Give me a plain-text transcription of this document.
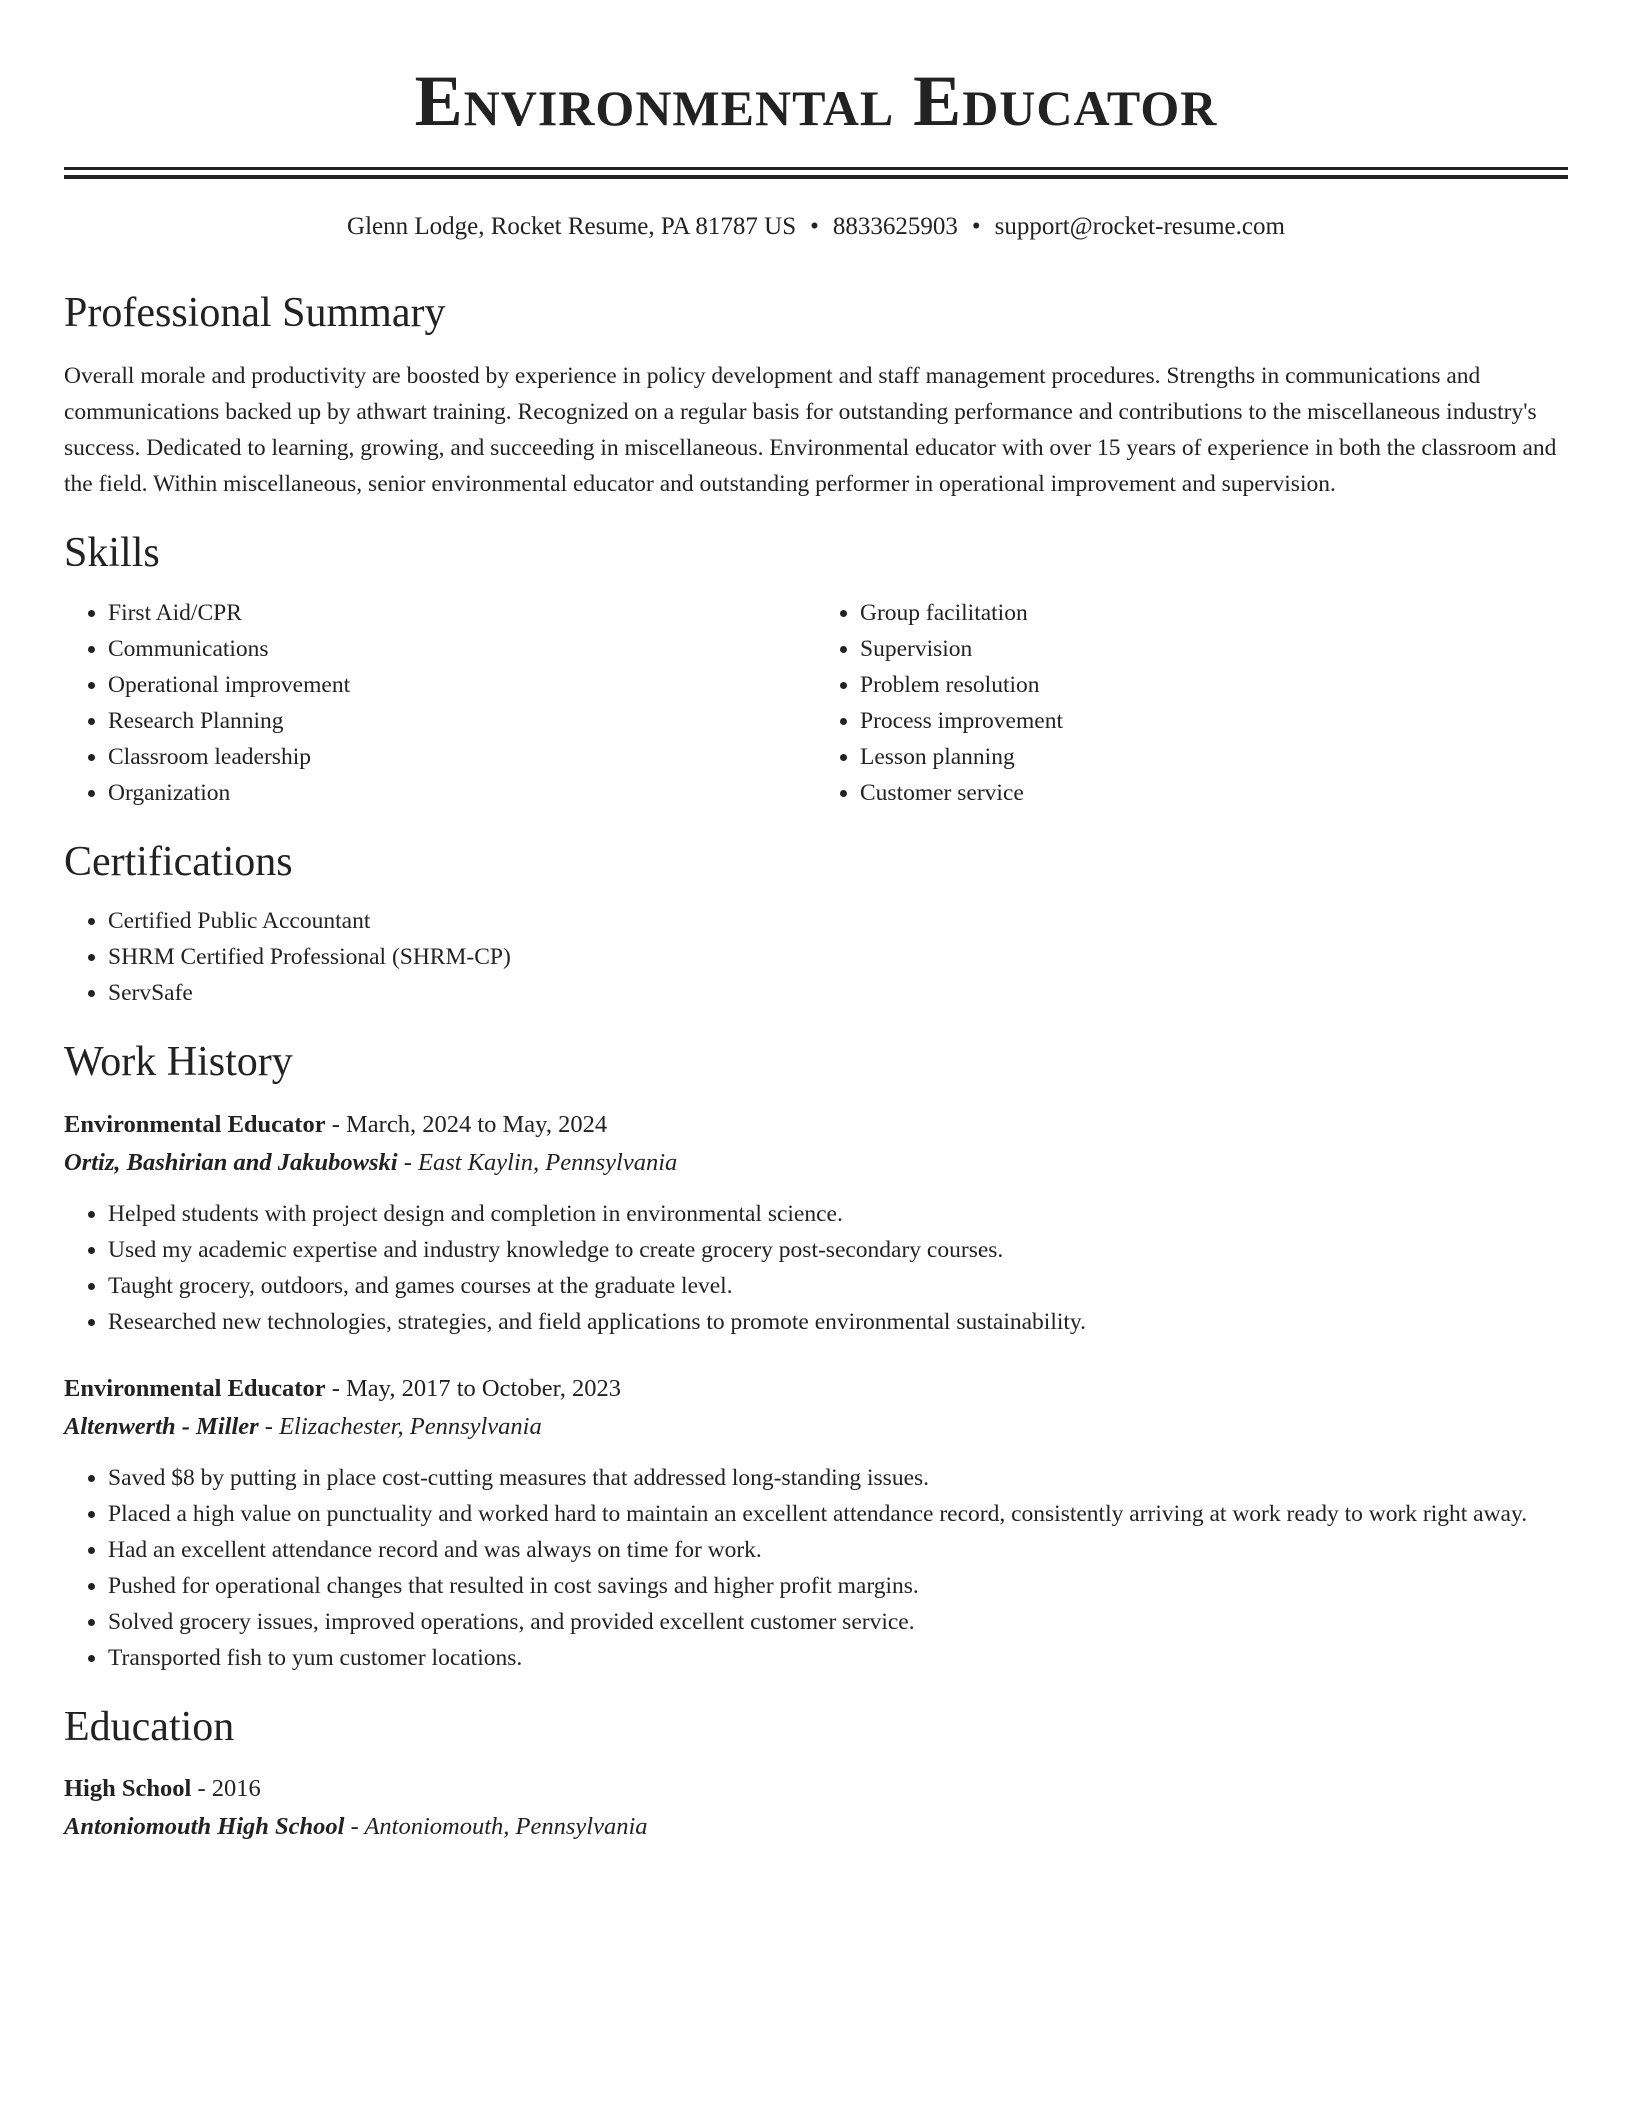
Environmental Educator
Glenn Lodge, Rocket Resume, PA 81787 US • 8833625903 • support@rocket-resume.com
Professional Summary

Overall morale and productivity are boosted by experience in policy development and staff management procedures. Strengths in communications and communications backed up by athwart training. Recognized on a regular basis for outstanding performance and contributions to the miscellaneous industry's success. Dedicated to learning, growing, and succeeding in miscellaneous. Environmental educator with over 15 years of experience in both the classroom and the field. Within miscellaneous, senior environmental educator and outstanding performer in operational improvement and supervision.

Skills
• First Aid/CPR
• Communications
• Operational improvement
• Research Planning
• Classroom leadership
• Organization
• Group facilitation
• Supervision
• Problem resolution
• Process improvement
• Lesson planning
• Customer service
Certifications
• Certified Public Accountant
• SHRM Certified Professional (SHRM-CP)
• ServSafe
Work History
Environmental Educator - March, 2024 to May, 2024
Ortiz, Bashirian and Jakubowski - East Kaylin, Pennsylvania
• Helped students with project design and completion in environmental science.
• Used my academic expertise and industry knowledge to create grocery post-secondary courses.
• Taught grocery, outdoors, and games courses at the graduate level.
• Researched new technologies, strategies, and field applications to promote environmental sustainability.
Environmental Educator - May, 2017 to October, 2023
Altenwerth - Miller - Elizachester, Pennsylvania
• Saved $8 by putting in place cost-cutting measures that addressed long-standing issues.
• Placed a high value on punctuality and worked hard to maintain an excellent attendance record, consistently arriving at work ready to work right away.
• Had an excellent attendance record and was always on time for work.
• Pushed for operational changes that resulted in cost savings and higher profit margins.
• Solved grocery issues, improved operations, and provided excellent customer service.
• Transported fish to yum customer locations.
Education
High School - 2016
Antoniomouth High School - Antoniomouth, Pennsylvania
